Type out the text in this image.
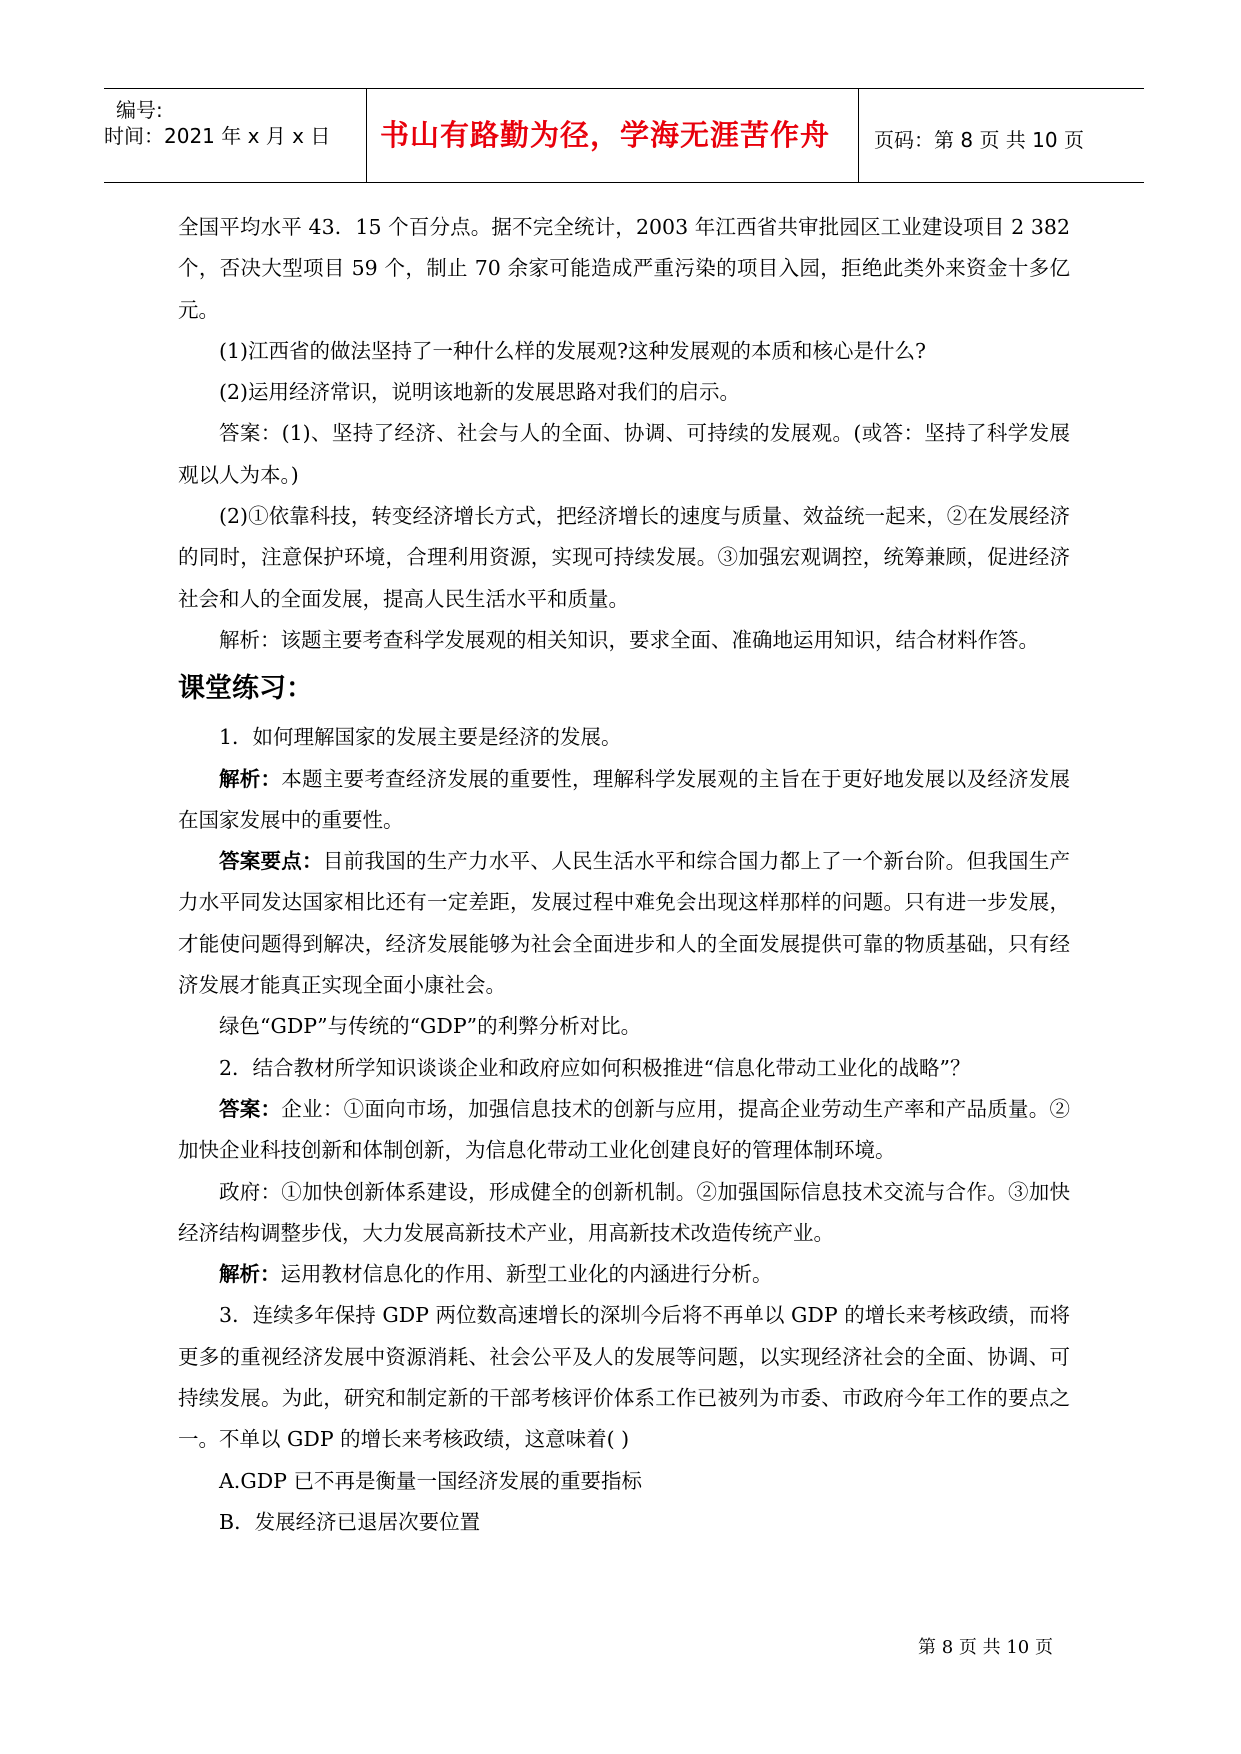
编号:
时间：2021 年 x 月 x 日	书山有路勤为径，学海无涯苦作舟	页码：第 8 页 共 10 页

全国平均水平 43．15 个百分点。据不完全统计，2003 年江西省共审批园区工业建设项目 2 382 个，否决大型项目 59 个，制止 70 余家可能造成严重污染的项目入园，拒绝此类外来资金十多亿元。

(1)江西省的做法坚持了一种什么样的发展观?这种发展观的本质和核心是什么?

(2)运用经济常识，说明该地新的发展思路对我们的启示。

答案：(1)、坚持了经济、社会与人的全面、协调、可持续的发展观。(或答：坚持了科学发展观以人为本。)

(2)①依靠科技，转变经济增长方式，把经济增长的速度与质量、效益统一起来，②在发展经济的同时，注意保护环境，合理利用资源，实现可持续发展。③加强宏观调控，统筹兼顾，促进经济社会和人的全面发展，提高人民生活水平和质量。

解析：该题主要考查科学发展观的相关知识，要求全面、准确地运用知识，结合材料作答。

课堂练习：

1．如何理解国家的发展主要是经济的发展。

解析：本题主要考查经济发展的重要性，理解科学发展观的主旨在于更好地发展以及经济发展在国家发展中的重要性。

答案要点：目前我国的生产力水平、人民生活水平和综合国力都上了一个新台阶。但我国生产力水平同发达国家相比还有一定差距，发展过程中难免会出现这样那样的问题。只有进一步发展，才能使问题得到解决，经济发展能够为社会全面进步和人的全面发展提供可靠的物质基础，只有经济发展才能真正实现全面小康社会。

绿色“GDP”与传统的“GDP”的利弊分析对比。

2．结合教材所学知识谈谈企业和政府应如何积极推进“信息化带动工业化的战略”？

答案：企业：①面向市场，加强信息技术的创新与应用，提高企业劳动生产率和产品质量。②加快企业科技创新和体制创新，为信息化带动工业化创建良好的管理体制环境。

政府：①加快创新体系建设，形成健全的创新机制。②加强国际信息技术交流与合作。③加快经济结构调整步伐，大力发展高新技术产业，用高新技术改造传统产业。

解析：运用教材信息化的作用、新型工业化的内涵进行分析。

3．连续多年保持 GDP 两位数高速增长的深圳今后将不再单以 GDP 的增长来考核政绩，而将更多的重视经济发展中资源消耗、社会公平及人的发展等问题，以实现经济社会的全面、协调、可持续发展。为此，研究和制定新的干部考核评价体系工作已被列为市委、市政府今年工作的要点之一。不单以 GDP 的增长来考核政绩，这意味着( )

A.GDP 已不再是衡量一国经济发展的重要指标

B．发展经济已退居次要位置

第 8 页 共 10 页
